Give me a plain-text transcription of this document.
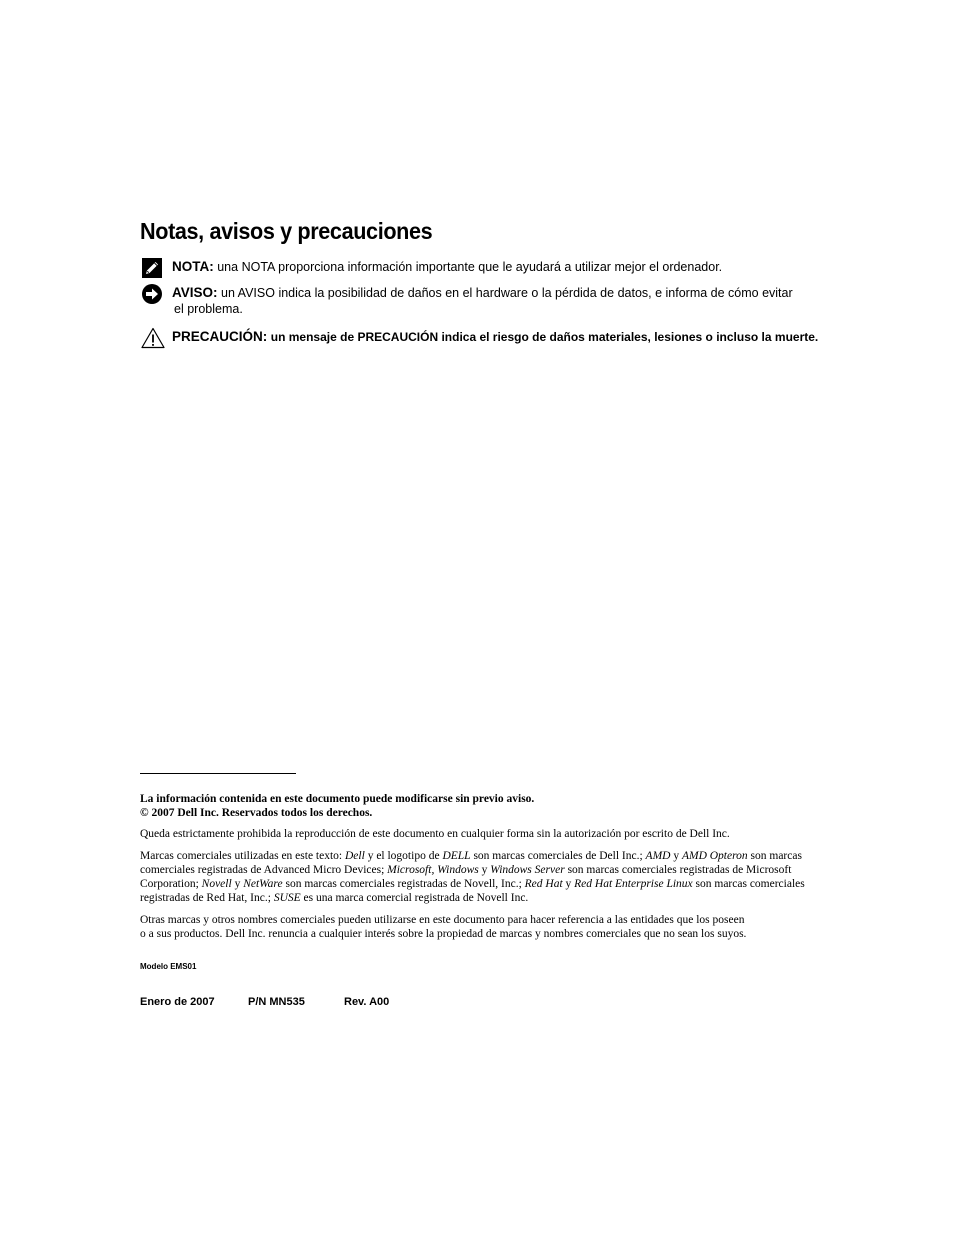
Notas, avisos y precauciones
NOTA: una NOTA proporciona información importante que le ayudará a utilizar mejor el ordenador.
AVISO: un AVISO indica la posibilidad de daños en el hardware o la pérdida de datos, e informa de cómo evitar
el problema.
PRECAUCIÓN: un mensaje de PRECAUCIÓN indica el riesgo de daños materiales, lesiones o incluso la muerte.

La información contenida en este documento puede modificarse sin previo aviso.
© 2007 Dell Inc. Reservados todos los derechos.

Queda estrictamente prohibida la reproducción de este documento en cualquier forma sin la autorización por escrito de Dell Inc.

Marcas comerciales utilizadas en este texto: Dell y el logotipo de DELL son marcas comerciales de Dell Inc.; AMD y AMD Opteron son marcas comerciales registradas de Advanced Micro Devices; Microsoft, Windows y Windows Server son marcas comerciales registradas de Microsoft Corporation; Novell y NetWare son marcas comerciales registradas de Novell, Inc.; Red Hat y Red Hat Enterprise Linux son marcas comerciales registradas de Red Hat, Inc.; SUSE es una marca comercial registrada de Novell Inc.

Otras marcas y otros nombres comerciales pueden utilizarse en este documento para hacer referencia a las entidades que los poseen
o a sus productos. Dell Inc. renuncia a cualquier interés sobre la propiedad de marcas y nombres comerciales que no sean los suyos.

Modelo EMS01
Enero de 2007	P/N MN535	Rev. A00
